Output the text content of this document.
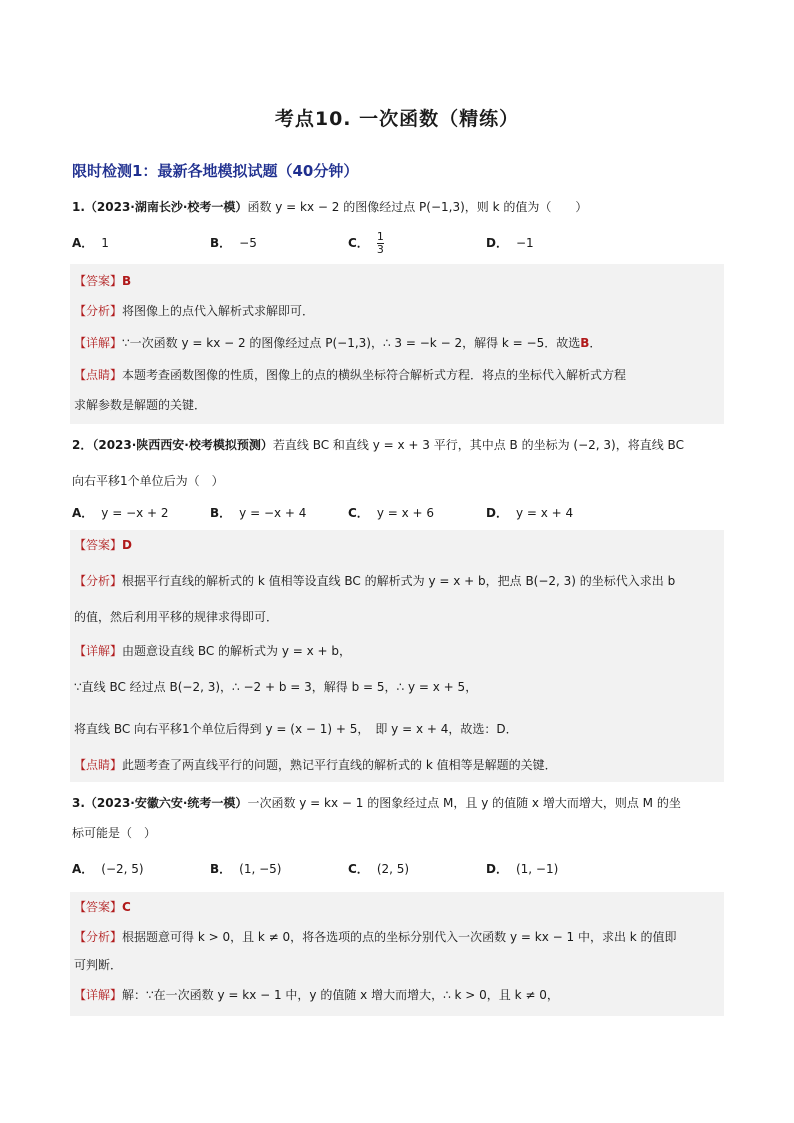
考点10. 一次函数（精练）
限时检测1：最新各地模拟试题（40分钟）
1.（2023·湖南长沙·校考一模）函数 y = kx − 2 的图像经过点 P(−1,3)，则 k 的值为（　　）
A． 1	B． −5	C． $\frac{1}{3}$	D． −1
【答案】B
【分析】将图像上的点代入解析式求解即可．
【详解】∵一次函数 y = kx − 2 的图像经过点 P(−1,3)，∴ 3 = −k − 2，解得 k = −5．故选B．
【点睛】本题考查函数图像的性质，图像上的点的横纵坐标符合解析式方程．将点的坐标代入解析式方程
求解参数是解题的关键．
2．（2023·陕西西安·校考模拟预测）若直线 BC 和直线 y = x + 3 平行，其中点 B 的坐标为 (−2, 3)，将直线 BC
向右平移1个单位后为（　）
A． y = −x + 2	B． y = −x + 4	C． y = x + 6	D． y = x + 4
【答案】D
【分析】根据平行直线的解析式的 k 值相等设直线 BC 的解析式为 y = x + b，把点 B(−2, 3) 的坐标代入求出 b
的值，然后利用平移的规律求得即可．
【详解】由题意设直线 BC 的解析式为 y = x + b，
∵直线 BC 经过点 B(−2, 3)，∴ −2 + b = 3，解得 b = 5，∴ y = x + 5，
将直线 BC 向右平移1个单位后得到 y = (x − 1) + 5，　即 y = x + 4，故选：D．
【点睛】此题考查了两直线平行的问题，熟记平行直线的解析式的 k 值相等是解题的关键．
3.（2023·安徽六安·统考一模）一次函数 y = kx − 1 的图象经过点 M，且 y 的值随 x 增大而增大，则点 M 的坐
标可能是（　）
A． (−2, 5)	B． (1, −5)	C． (2, 5)	D． (1, −1)
【答案】C
【分析】根据题意可得 k > 0，且 k ≠ 0，将各选项的点的坐标分别代入一次函数 y = kx − 1 中，求出 k 的值即
可判断．
【详解】解：∵在一次函数 y = kx − 1 中，y 的值随 x 增大而增大，∴ k > 0，且 k ≠ 0，
